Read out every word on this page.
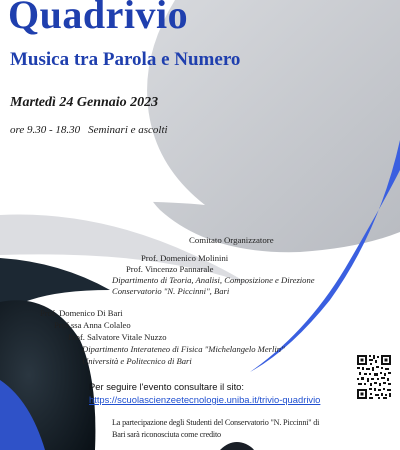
Quadrivio
Musica tra Parola e Numero
Martedì 24 Gennaio 2023
ore 9.30 - 18.30 Seminari e ascolti
Comitato Organizzatore
Prof. Domenico Molinini
Prof. Vincenzo Pannarale
Dipartimento di Teoria, Analisi, Composizione e Direzione
Conservatorio "N. Piccinni", Bari
Prof. Domenico Di Bari
Prof.ssa Anna Colaleo
Prof. Salvatore Vitale Nuzzo
Dipartimento Interateneo di Fisica "Michelangelo Merlin"
Università e Politecnico di Bari
Per seguire l'evento consultare il sito:
https://scuolascienzeetecnologie.uniba.it/trivio-quadrivio
La partecipazione degli Studenti del Conservatorio "N. Piccinni" di
Bari sarà riconosciuta come credito
